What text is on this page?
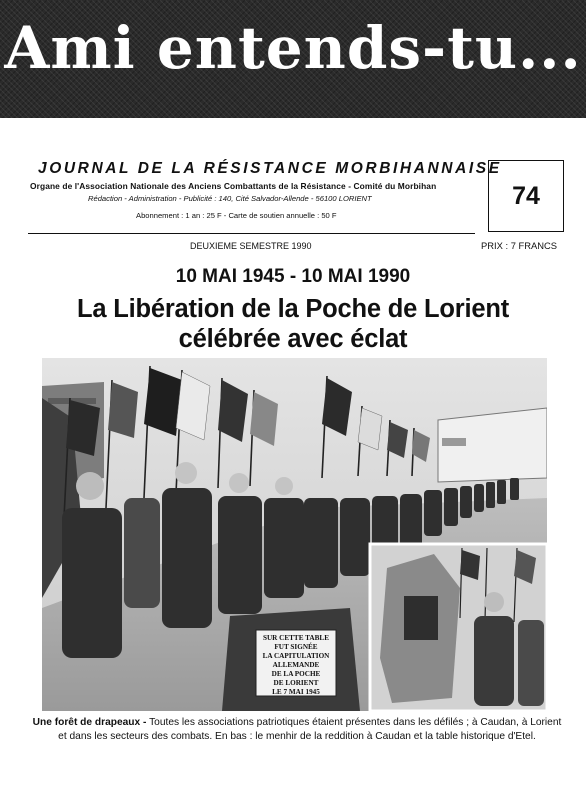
Ami entends-tu...
JOURNAL DE LA RÉSISTANCE MORBIHANNAISE
Organe de l'Association Nationale des Anciens Combattants de la Résistance - Comité du Morbihan
Rédaction - Administration - Publicité : 140, Cité Salvador-Allende - 56100 LORIENT
Abonnement : 1 an : 25 F - Carte de soutien annuelle : 50 F
74
DEUXIEME SEMESTRE 1990	PRIX : 7 FRANCS
10 MAI 1945 - 10 MAI 1990
La Libération de la Poche de Lorient
célébrée avec éclat
SUR CETTE TABLE
FUT SIGNÉE
LA CAPITULATION
ALLEMANDE
DE LA POCHE
DE LORIENT
LE 7 MAI 1945
Une forêt de drapeaux - Toutes les associations patriotiques étaient présentes dans les défilés ; à Caudan, à Lorient et dans les secteurs des combats. En bas : le menhir de la reddition à Caudan et la table historique d'Etel.
